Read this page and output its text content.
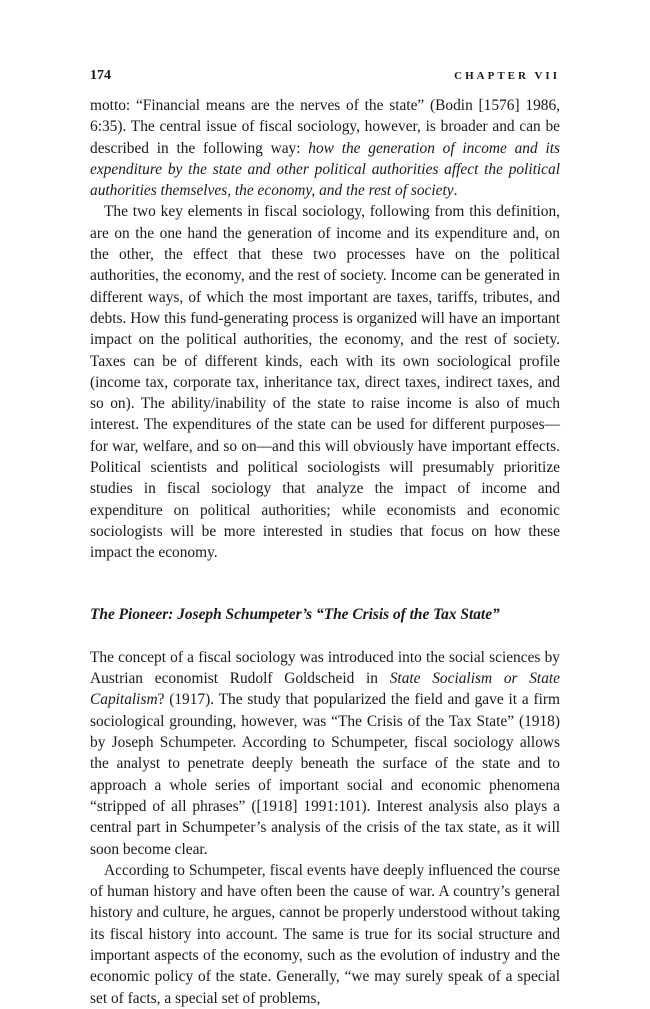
174	CHAPTER VII

motto: “Financial means are the nerves of the state” (Bodin [1576] 1986, 6:35). The central issue of fiscal sociology, however, is broader and can be described in the following way: how the generation of income and its expenditure by the state and other political authorities affect the political authorities themselves, the economy, and the rest of society.

The two key elements in fiscal sociology, following from this definition, are on the one hand the generation of income and its expenditure and, on the other, the effect that these two processes have on the political authorities, the economy, and the rest of society. Income can be generated in different ways, of which the most important are taxes, tariffs, tributes, and debts. How this fund-generating process is organized will have an important impact on the political authorities, the economy, and the rest of society. Taxes can be of different kinds, each with its own sociological profile (income tax, corporate tax, inheritance tax, direct taxes, indirect taxes, and so on). The ability/inability of the state to raise income is also of much interest. The expenditures of the state can be used for different purposes—for war, welfare, and so on—and this will obviously have important effects. Political scientists and political sociologists will presumably prioritize studies in fiscal sociology that analyze the impact of income and expenditure on political authorities; while economists and economic sociologists will be more interested in studies that focus on how these impact the economy.

The Pioneer: Joseph Schumpeter’s “The Crisis of the Tax State”

The concept of a fiscal sociology was introduced into the social sciences by Austrian economist Rudolf Goldscheid in State Socialism or State Capitalism? (1917). The study that popularized the field and gave it a firm sociological grounding, however, was “The Crisis of the Tax State” (1918) by Joseph Schumpeter. According to Schumpeter, fiscal sociology allows the analyst to penetrate deeply beneath the surface of the state and to approach a whole series of important social and economic phenomena “stripped of all phrases” ([1918] 1991:101). Interest analysis also plays a central part in Schumpeter’s analysis of the crisis of the tax state, as it will soon become clear.

According to Schumpeter, fiscal events have deeply influenced the course of human history and have often been the cause of war. A country’s general history and culture, he argues, cannot be properly understood without taking its fiscal history into account. The same is true for its social structure and important aspects of the economy, such as the evolution of industry and the economic policy of the state. Generally, “we may surely speak of a special set of facts, a special set of problems,
